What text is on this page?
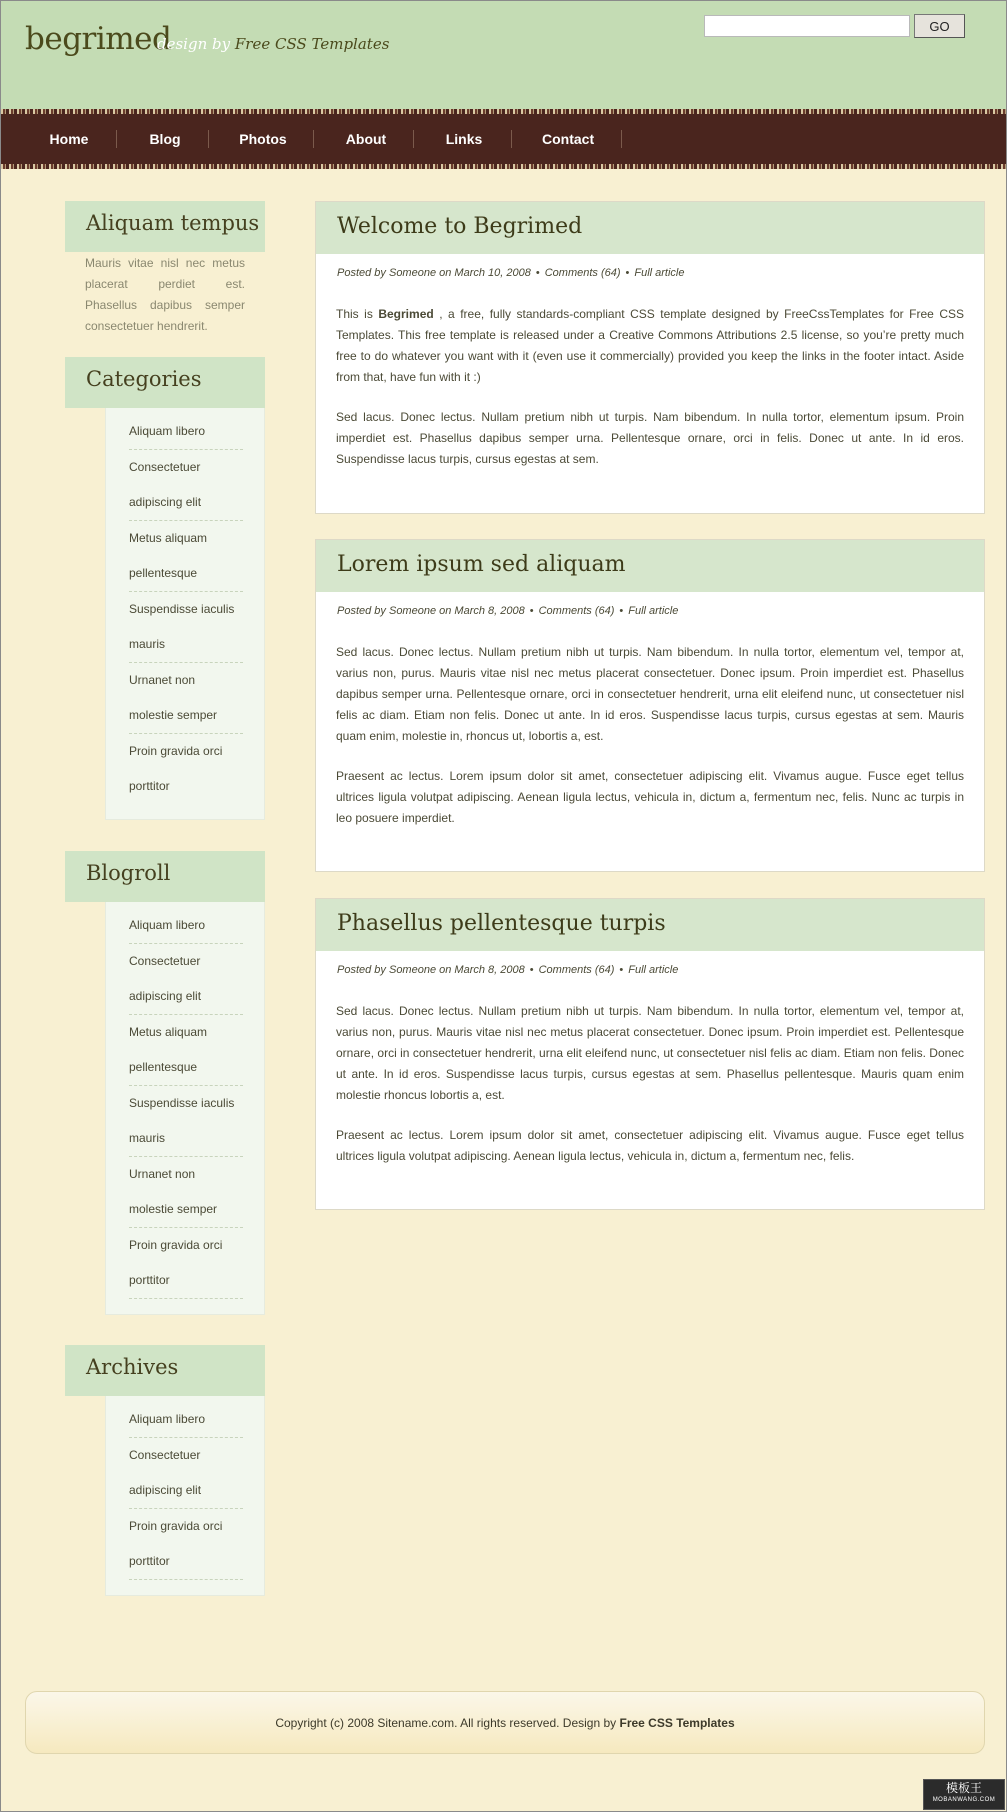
begrimed
design by Free CSS Templates
GO
Home	Blog	Photos	About	Links	Contact
Aliquam tempus
Mauris vitae nisl nec metus placerat perdiet est. Phasellus dapibus semper consectetuer hendrerit.
Categories
Aliquam libero
Consectetuer adipiscing elit
Metus aliquam pellentesque
Suspendisse iaculis mauris
Urnanet non molestie semper
Proin gravida orci porttitor
Blogroll
Aliquam libero
Consectetuer adipiscing elit
Metus aliquam pellentesque
Suspendisse iaculis mauris
Urnanet non molestie semper
Proin gravida orci porttitor
Archives
Aliquam libero
Consectetuer adipiscing elit
Proin gravida orci porttitor
Welcome to Begrimed
Posted by Someone on March 10, 2008 • Comments (64) • Full article

This is Begrimed , a free, fully standards-compliant CSS template designed by FreeCssTemplates for Free CSS Templates. This free template is released under a Creative Commons Attributions 2.5 license, so you’re pretty much free to do whatever you want with it (even use it commercially) provided you keep the links in the footer intact. Aside from that, have fun with it :)

Sed lacus. Donec lectus. Nullam pretium nibh ut turpis. Nam bibendum. In nulla tortor, elementum ipsum. Proin imperdiet est. Phasellus dapibus semper urna. Pellentesque ornare, orci in felis. Donec ut ante. In id eros. Suspendisse lacus turpis, cursus egestas at sem.

Lorem ipsum sed aliquam
Posted by Someone on March 8, 2008 • Comments (64) • Full article

Sed lacus. Donec lectus. Nullam pretium nibh ut turpis. Nam bibendum. In nulla tortor, elementum vel, tempor at, varius non, purus. Mauris vitae nisl nec metus placerat consectetuer. Donec ipsum. Proin imperdiet est. Phasellus dapibus semper urna. Pellentesque ornare, orci in consectetuer hendrerit, urna elit eleifend nunc, ut consectetuer nisl felis ac diam. Etiam non felis. Donec ut ante. In id eros. Suspendisse lacus turpis, cursus egestas at sem. Mauris quam enim, molestie in, rhoncus ut, lobortis a, est.

Praesent ac lectus. Lorem ipsum dolor sit amet, consectetuer adipiscing elit. Vivamus augue. Fusce eget tellus ultrices ligula volutpat adipiscing. Aenean ligula lectus, vehicula in, dictum a, fermentum nec, felis. Nunc ac turpis in leo posuere imperdiet.

Phasellus pellentesque turpis
Posted by Someone on March 8, 2008 • Comments (64) • Full article

Sed lacus. Donec lectus. Nullam pretium nibh ut turpis. Nam bibendum. In nulla tortor, elementum vel, tempor at, varius non, purus. Mauris vitae nisl nec metus placerat consectetuer. Donec ipsum. Proin imperdiet est. Pellentesque ornare, orci in consectetuer hendrerit, urna elit eleifend nunc, ut consectetuer nisl felis ac diam. Etiam non felis. Donec ut ante. In id eros. Suspendisse lacus turpis, cursus egestas at sem. Phasellus pellentesque. Mauris quam enim molestie rhoncus lobortis a, est.

Praesent ac lectus. Lorem ipsum dolor sit amet, consectetuer adipiscing elit. Vivamus augue. Fusce eget tellus ultrices ligula volutpat adipiscing. Aenean ligula lectus, vehicula in, dictum a, fermentum nec, felis.

Copyright (c) 2008 Sitename.com. All rights reserved. Design by Free CSS Templates
模板王
MOBANWANG.COM
